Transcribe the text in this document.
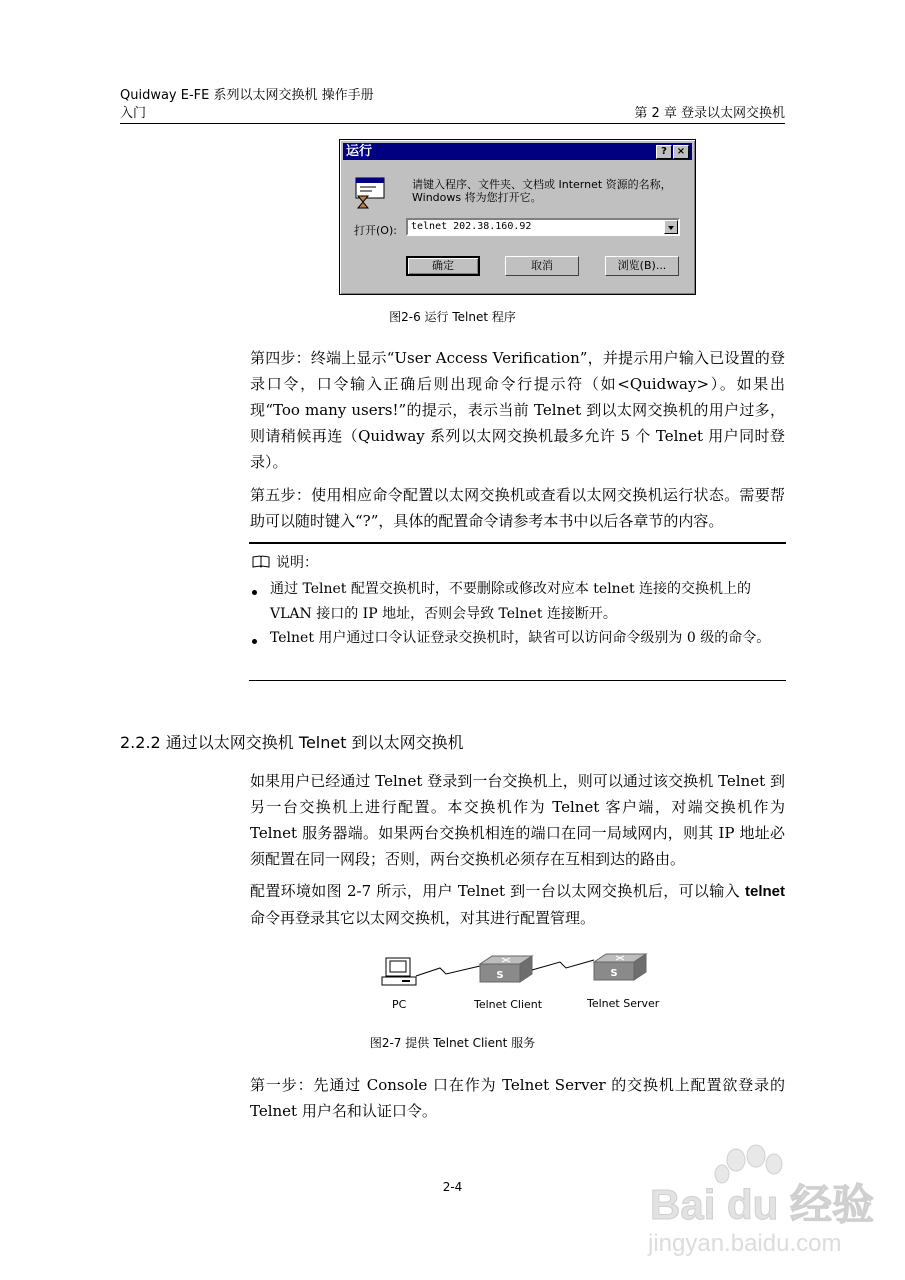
Quidway E-FE 系列以太网交换机 操作手册
入门	第 2 章 登录以太网交换机
运行	? ×
请键入程序、文件夹、文档或 Internet 资源的名称，Windows 将为您打开它。
打开(O): telnet 202.38.160.92
确定	取消	浏览(B)...
图2-6 运行 Telnet 程序
第四步：终端上显示“User Access Verification”，并提示用户输入已设置的登录口令，口令输入正确后则出现命令行提示符（如<Quidway>）。如果出现“Too many users!”的提示，表示当前 Telnet 到以太网交换机的用户过多，则请稍候再连（Quidway 系列以太网交换机最多允许 5 个 Telnet 用户同时登录）。
第五步：使用相应命令配置以太网交换机或查看以太网交换机运行状态。需要帮助可以随时键入“?”，具体的配置命令请参考本书中以后各章节的内容。
说明：
通过 Telnet 配置交换机时，不要删除或修改对应本 telnet 连接的交换机上的 VLAN 接口的 IP 地址，否则会导致 Telnet 连接断开。
Telnet 用户通过口令认证登录交换机时，缺省可以访问命令级别为 0 级的命令。
2.2.2 通过以太网交换机 Telnet 到以太网交换机
如果用户已经通过 Telnet 登录到一台交换机上，则可以通过该交换机 Telnet 到另一台交换机上进行配置。本交换机作为 Telnet 客户端，对端交换机作为 Telnet 服务器端。如果两台交换机相连的端口在同一局域网内，则其 IP 地址必须配置在同一网段；否则，两台交换机必须存在互相到达的路由。
配置环境如图 2-7 所示，用户 Telnet 到一台以太网交换机后，可以输入 telnet 命令再登录其它以太网交换机，对其进行配置管理。
S	S
PC	Telnet Client	Telnet Server
图2-7 提供 Telnet Client 服务
第一步：先通过 Console 口在作为 Telnet Server 的交换机上配置欲登录的 Telnet 用户名和认证口令。
2-4	Bai du 经验
jingyan.baidu.com
